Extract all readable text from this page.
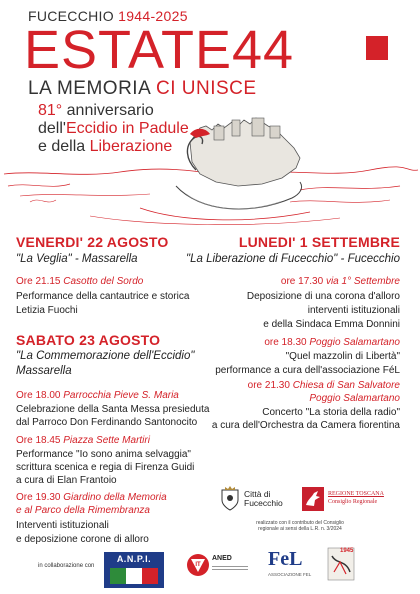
FUCECCHIO 1944-2025
ESTATE44
LA MEMORIA CI UNISCE
81° anniversario
dell'Eccidio in Padule
e della Liberazione
VENERDI' 22 AGOSTO
"La Veglia" - Massarella
Ore 21.15 Casotto del Sordo
Performance della cantautrice e storica
Letizia Fuochi
SABATO 23 AGOSTO
"La Commemorazione dell'Eccidio"
Massarella
Ore 18.00 Parrocchia Pieve S. Maria
Celebrazione della Santa Messa presieduta
dal Parroco Don Ferdinando Santonocito
Ore 18.45 Piazza Sette Martiri
Performance "Io sono anima selvaggia"
scrittura scenica e regia di Firenza Guidi
a cura di Elan Frantoio
Ore 19.30 Giardino della Memoria
e al Parco della Rimembranza
Interventi istituzionali
e deposizione corone di alloro
LUNEDI' 1 SETTEMBRE
"La Liberazione di Fucecchio" - Fucecchio
ore 17.30 via 1° Settembre
Deposizione di una corona d'alloro
interventi istituzionali
e della Sindaca Emma Donnini
ore 18.30 Poggio Salamartano
"Quel mazzolin di Libertà"
performance a cura dell'associazione FéL
ore 21.30 Chiesa di San Salvatore
Poggio Salamartano
Concerto "La storia della radio"
a cura dell'Orchestra da Camera fiorentina
Città di
Fucecchio
REGIONE TOSCANA
Consiglio Regionale
realizzato con il contributo del Consiglio
regionale ai sensi della L.R. n. 3/2024
in collaborazione con
A.N.P.I.
IT
ANED FeL
ASSOCIAZIONE FEL
1945
